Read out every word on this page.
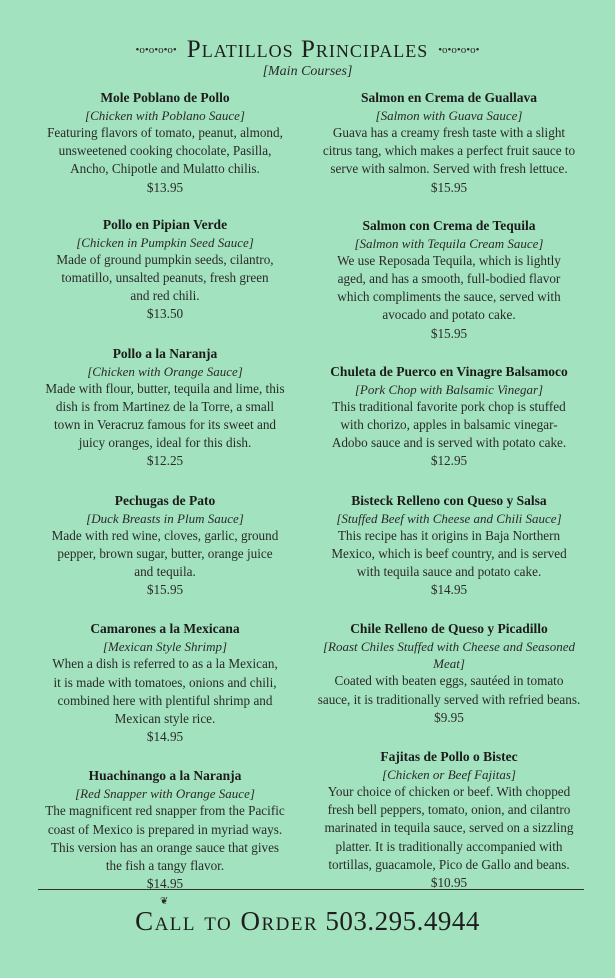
•o•o•o•o• Platillos Principales •o•o•o•o•
[Main Courses]
Mole Poblano de Pollo
[Chicken with Poblano Sauce]
Featuring flavors of tomato, peanut, almond,
unsweetened cooking chocolate, Pasilla,
Ancho, Chipotle and Mulatto chilis.
$13.95
Pollo en Pipian Verde
[Chicken in Pumpkin Seed Sauce]
Made of ground pumpkin seeds, cilantro,
tomatillo, unsalted peanuts, fresh green
and red chili.
$13.50
Pollo a la Naranja
[Chicken with Orange Sauce]
Made with flour, butter, tequila and lime, this
dish is from Martinez de la Torre, a small
town in Veracruz famous for its sweet and
juicy oranges, ideal for this dish.
$12.25
Pechugas de Pato
[Duck Breasts in Plum Sauce]
Made with red wine, cloves, garlic, ground
pepper, brown sugar, butter, orange juice
and tequila.
$15.95
Camarones a la Mexicana
[Mexican Style Shrimp]
When a dish is referred to as a la Mexican,
it is made with tomatoes, onions and chili,
combined here with plentiful shrimp and
Mexican style rice.
$14.95
Huachinango a la Naranja
[Red Snapper with Orange Sauce]
The magnificent red snapper from the Pacific
coast of Mexico is prepared in myriad ways.
This version has an orange sauce that gives
the fish a tangy flavor.
$14.95
Salmon en Crema de Guallava
[Salmon with Guava Sauce]
Guava has a creamy fresh taste with a slight
citrus tang, which makes a perfect fruit sauce to
serve with salmon. Served with fresh lettuce.
$15.95
Salmon con Crema de Tequila
[Salmon with Tequila Cream Sauce]
We use Reposada Tequila, which is lightly
aged, and has a smooth, full-bodied flavor
which compliments the sauce, served with
avocado and potato cake.
$15.95
Chuleta de Puerco en Vinagre Balsamoco
[Pork Chop with Balsamic Vinegar]
This traditional favorite pork chop is stuffed
with chorizo, apples in balsamic vinegar-
Adobo sauce and is served with potato cake.
$12.95
Bisteck Relleno con Queso y Salsa
[Stuffed Beef with Cheese and Chili Sauce]
This recipe has it origins in Baja Northern
Mexico, which is beef country, and is served
with tequila sauce and potato cake.
$14.95
Chile Relleno de Queso y Picadillo
[Roast Chiles Stuffed with Cheese and Seasoned Meat]
Coated with beaten eggs, sautéed in tomato
sauce, it is traditionally served with refried beans.
$9.95
Fajitas de Pollo o Bistec
[Chicken or Beef Fajitas]
Your choice of chicken or beef. With chopped
fresh bell peppers, tomato, onion, and cilantro
marinated in tequila sauce, served on a sizzling
platter. It is traditionally accompanied with
tortillas, guacamole, Pico de Gallo and beans.
$10.95
❦
Call to Order 503.295.4944
